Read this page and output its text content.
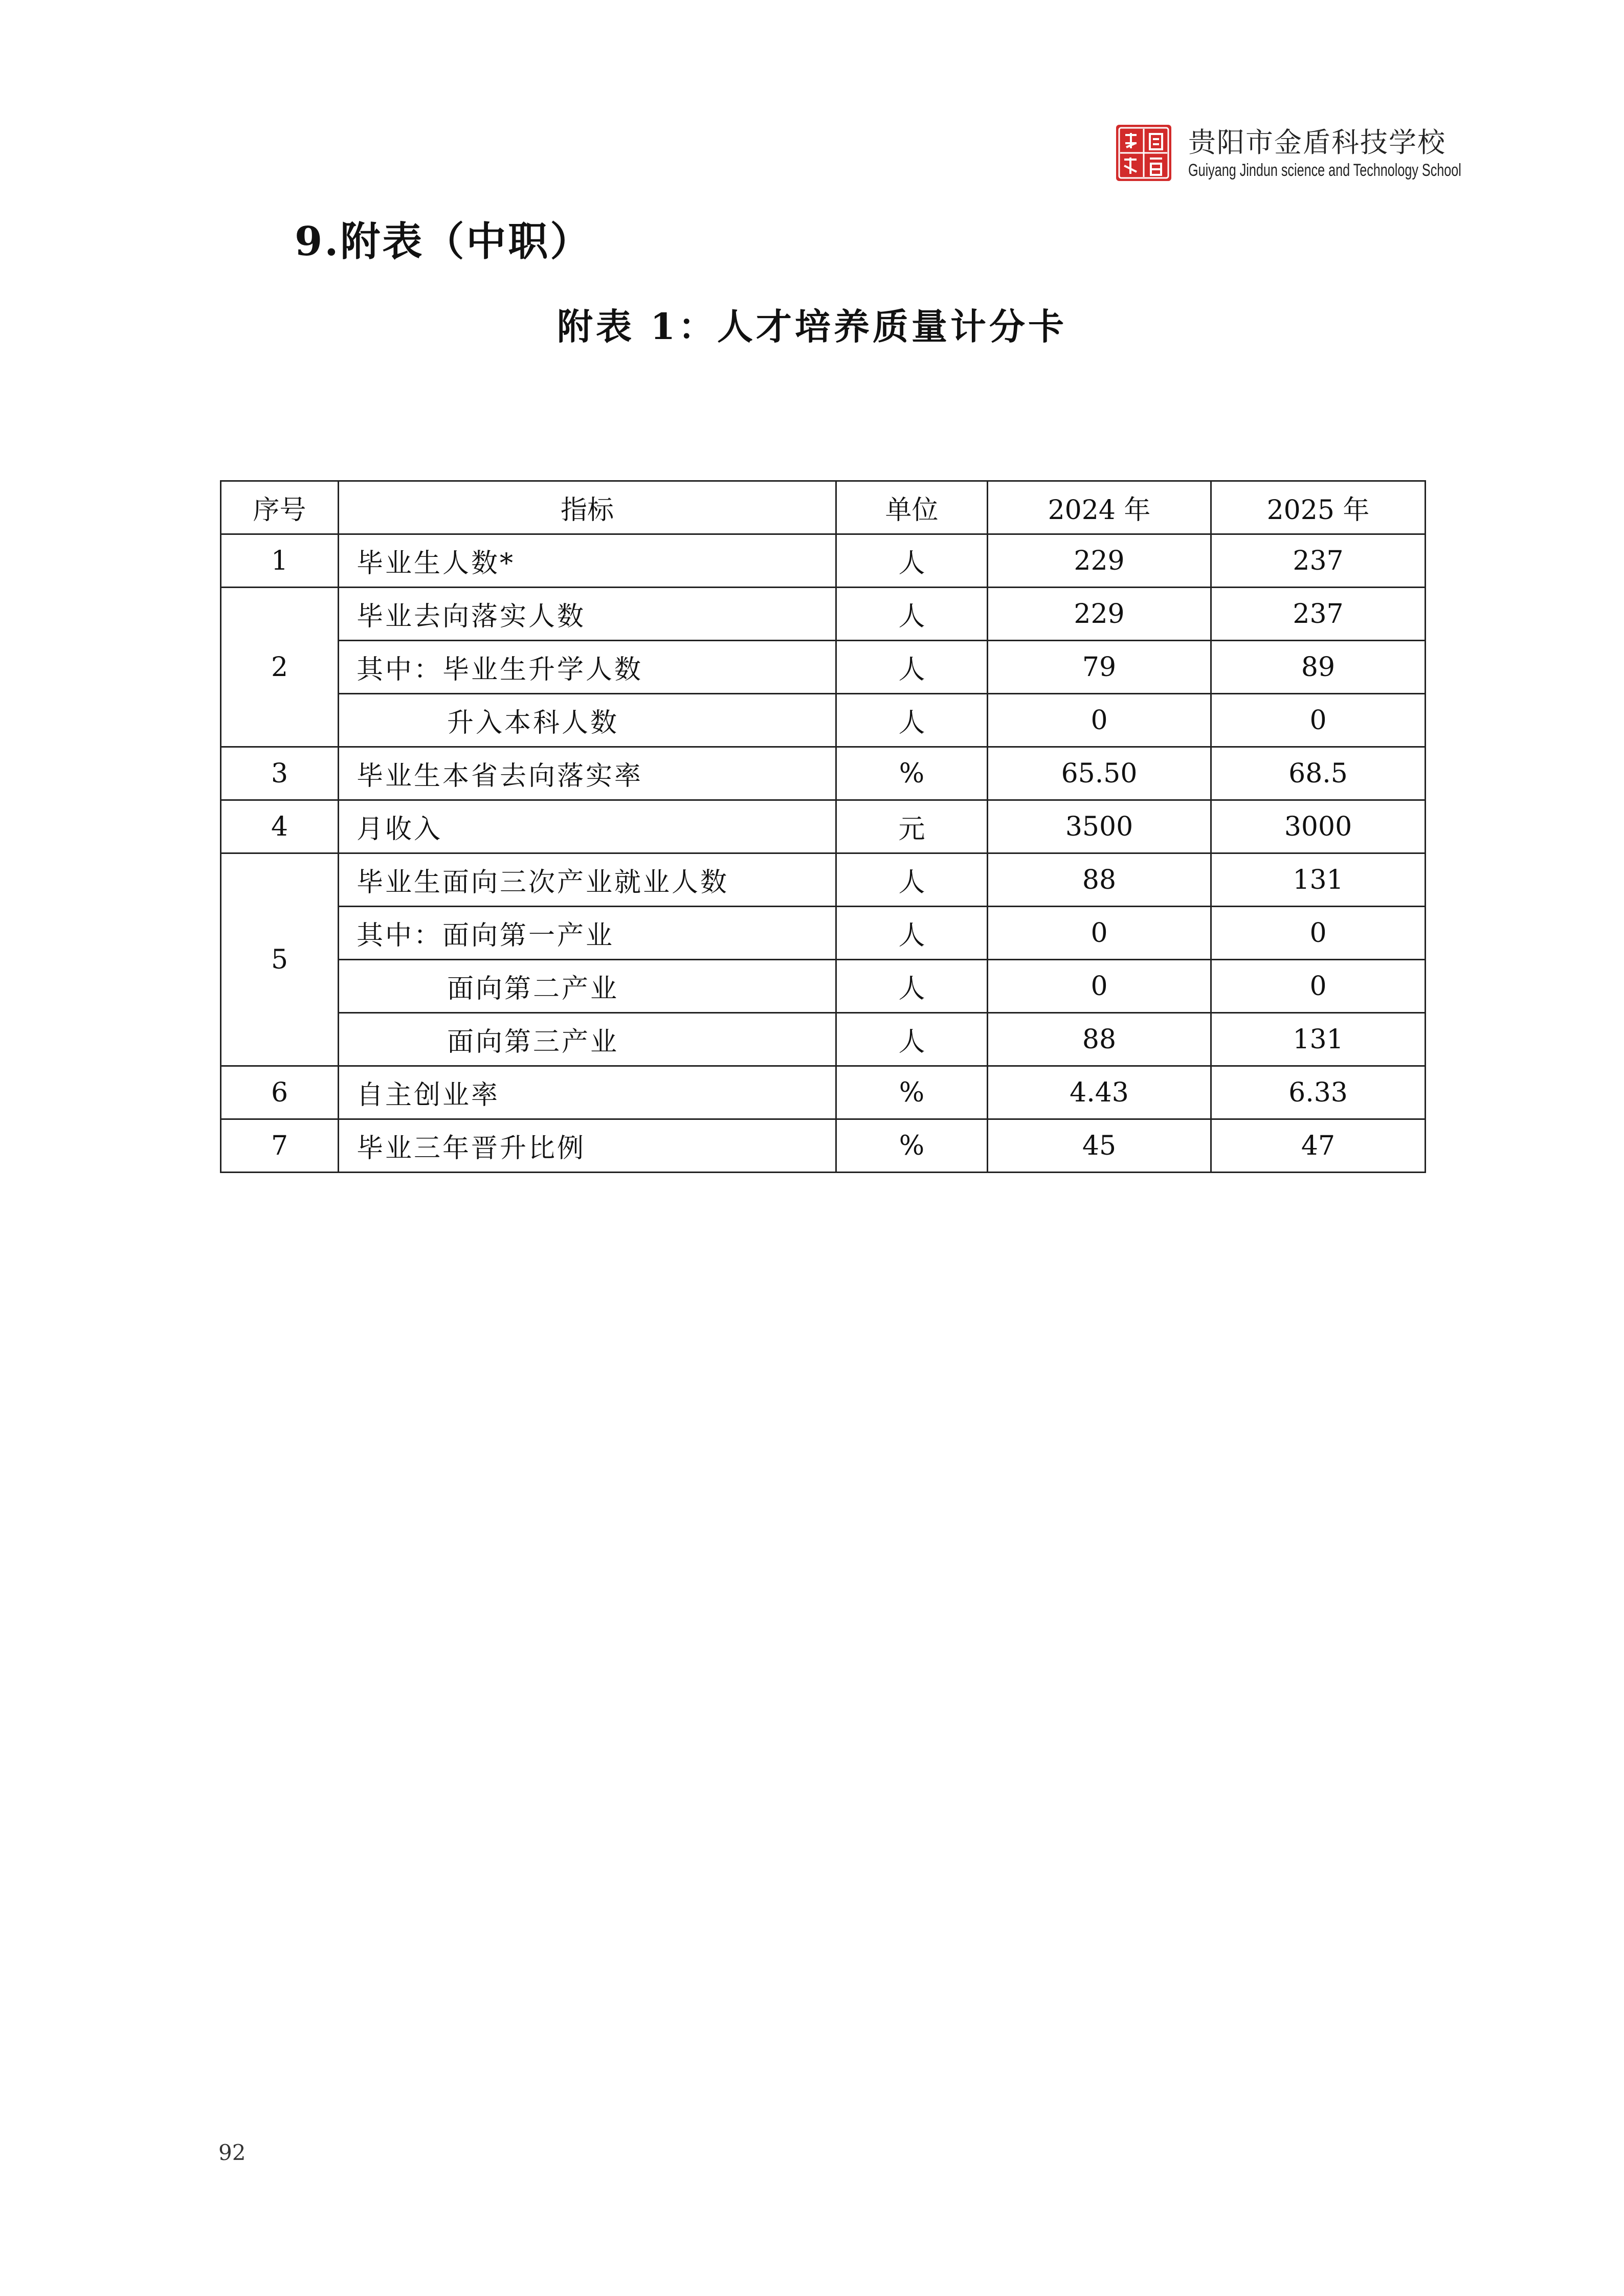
贵阳市金盾科技学校
Guiyang Jindun science and Technology School
9.附表（中职）
附表 1：人才培养质量计分卡
序号	指标	单位	2024 年	2025 年
1	毕业生人数*	人	229	237
2	毕业去向落实人数	人	229	237
	其中：毕业生升学人数	人	79	89
	升入本科人数	人	0	0
3	毕业生本省去向落实率	%	65.50	68.5
4	月收入	元	3500	3000
5	毕业生面向三次产业就业人数	人	88	131
	其中：面向第一产业	人	0	0
	面向第二产业	人	0	0
	面向第三产业	人	88	131
6	自主创业率	%	4.43	6.33
7	毕业三年晋升比例	%	45	47
92
